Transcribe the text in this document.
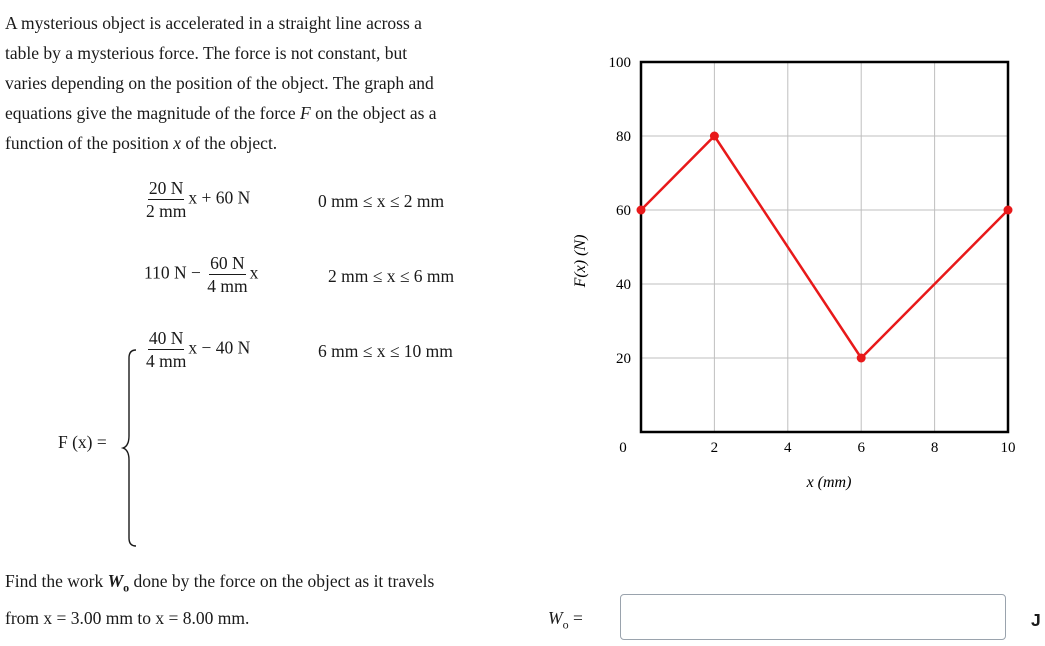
A mysterious object is accelerated in a straight line across a
table by a mysterious force. The force is not constant, but
varies depending on the position of the object. The graph and
equations give the magnitude of the force F on the object as a
function of the position x of the object.
F (x) =
$\frac{20 N}{2 mm}$ x + 60 N	0 mm ≤ x ≤ 2 mm
110 $N - \frac{60 N}{4 mm}$ x	2 mm ≤ x ≤ 6 mm
$\frac{40 N}{4 mm}$ x − 40 N	6 mm ≤ x ≤ 10 mm	20
40
60
80
100
0	2	4	6	8	10
x (mm)
F(x) (N)
Find the work $W_o$ done by the force on the object as it travels
from x = 3.00 mm to x = 8.00 mm.	$W_o$ =	J
